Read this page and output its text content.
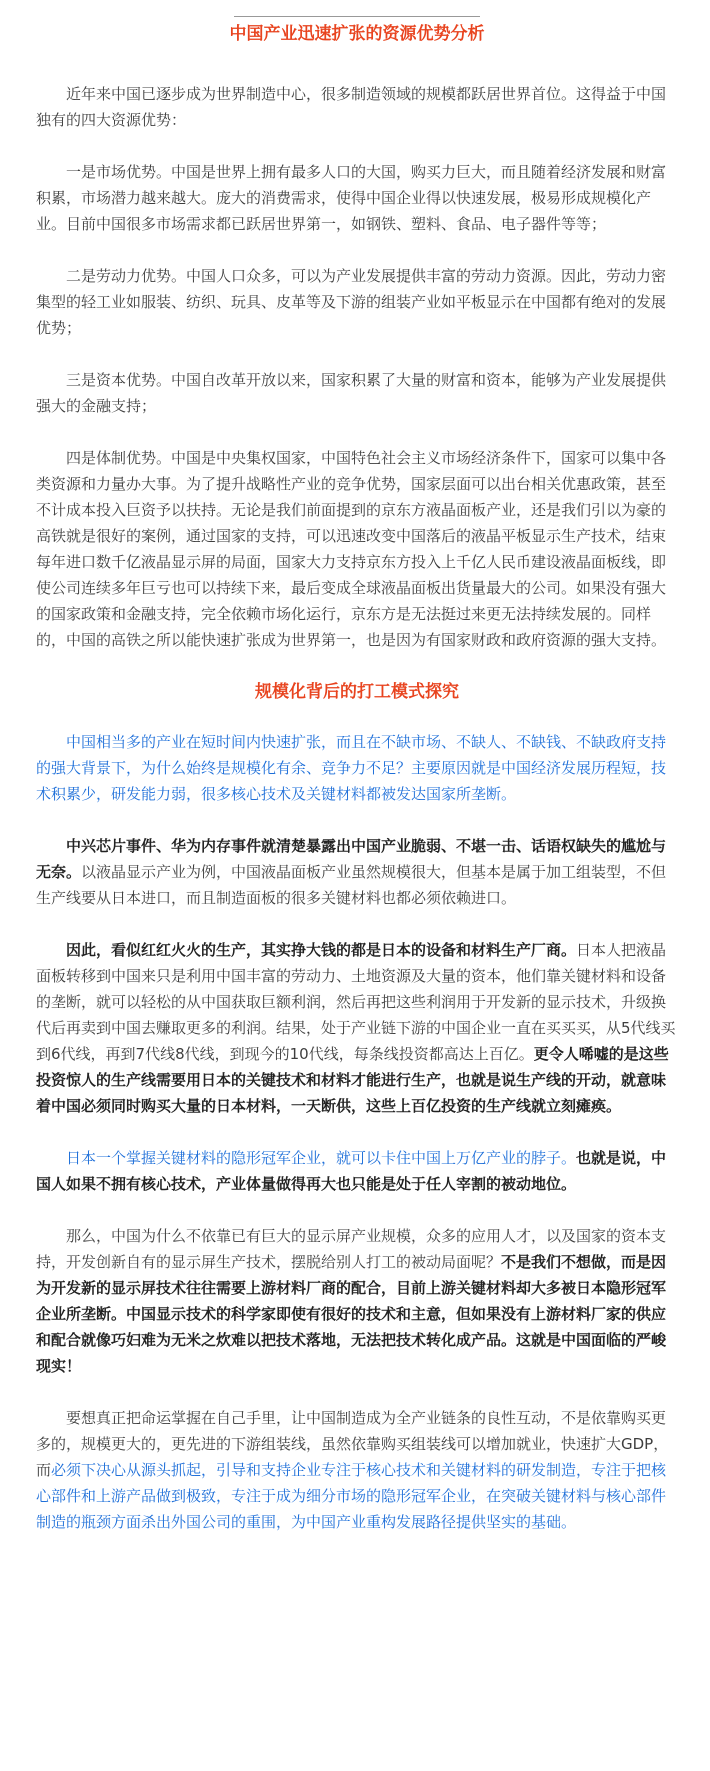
中国产业迅速扩张的资源优势分析

近年来中国已逐步成为世界制造中心，很多制造领域的规模都跃居世界首位。这得益于中国独有的四大资源优势：

一是市场优势。中国是世界上拥有最多人口的大国，购买力巨大，而且随着经济发展和财富积累，市场潜力越来越大。庞大的消费需求，使得中国企业得以快速发展，极易形成规模化产业。目前中国很多市场需求都已跃居世界第一，如钢铁、塑料、食品、电子器件等等；

二是劳动力优势。中国人口众多，可以为产业发展提供丰富的劳动力资源。因此，劳动力密集型的轻工业如服装、纺织、玩具、皮革等及下游的组装产业如平板显示在中国都有绝对的发展优势；

三是资本优势。中国自改革开放以来，国家积累了大量的财富和资本，能够为产业发展提供强大的金融支持；

四是体制优势。中国是中央集权国家，中国特色社会主义市场经济条件下，国家可以集中各类资源和力量办大事。为了提升战略性产业的竞争优势，国家层面可以出台相关优惠政策，甚至不计成本投入巨资予以扶持。无论是我们前面提到的京东方液晶面板产业，还是我们引以为豪的高铁就是很好的案例，通过国家的支持，可以迅速改变中国落后的液晶平板显示生产技术，结束每年进口数千亿液晶显示屏的局面，国家大力支持京东方投入上千亿人民币建设液晶面板线，即使公司连续多年巨亏也可以持续下来，最后变成全球液晶面板出货量最大的公司。如果没有强大的国家政策和金融支持，完全依赖市场化运行，京东方是无法挺过来更无法持续发展的。同样的，中国的高铁之所以能快速扩张成为世界第一，也是因为有国家财政和政府资源的强大支持。

规模化背后的打工模式探究

中国相当多的产业在短时间内快速扩张，而且在不缺市场、不缺人、不缺钱、不缺政府支持的强大背景下，为什么始终是规模化有余、竞争力不足？主要原因就是中国经济发展历程短，技术积累少，研发能力弱，很多核心技术及关键材料都被发达国家所垄断。

中兴芯片事件、华为内存事件就清楚暴露出中国产业脆弱、不堪一击、话语权缺失的尴尬与无奈。以液晶显示产业为例，中国液晶面板产业虽然规模很大，但基本是属于加工组装型，不但生产线要从日本进口，而且制造面板的很多关键材料也都必须依赖进口。

因此，看似红红火火的生产，其实挣大钱的都是日本的设备和材料生产厂商。日本人把液晶面板转移到中国来只是利用中国丰富的劳动力、土地资源及大量的资本，他们靠关键材料和设备的垄断，就可以轻松的从中国获取巨额利润，然后再把这些利润用于开发新的显示技术，升级换代后再卖到中国去赚取更多的利润。结果，处于产业链下游的中国企业一直在买买买，从5代线买到6代线，再到7代线8代线，到现今的10代线，每条线投资都高达上百亿。更令人唏嘘的是这些投资惊人的生产线需要用日本的关键技术和材料才能进行生产，也就是说生产线的开动，就意味着中国必须同时购买大量的日本材料，一天断供，这些上百亿投资的生产线就立刻瘫痪。

日本一个掌握关键材料的隐形冠军企业，就可以卡住中国上万亿产业的脖子。也就是说，中国人如果不拥有核心技术，产业体量做得再大也只能是处于任人宰割的被动地位。

那么，中国为什么不依靠已有巨大的显示屏产业规模，众多的应用人才，以及国家的资本支持，开发创新自有的显示屏生产技术，摆脱给别人打工的被动局面呢？不是我们不想做，而是因为开发新的显示屏技术往往需要上游材料厂商的配合，目前上游关键材料却大多被日本隐形冠军企业所垄断。中国显示技术的科学家即使有很好的技术和主意，但如果没有上游材料厂家的供应和配合就像巧妇难为无米之炊难以把技术落地，无法把技术转化成产品。这就是中国面临的严峻现实！

要想真正把命运掌握在自己手里，让中国制造成为全产业链条的良性互动，不是依靠购买更多的，规模更大的，更先进的下游组装线，虽然依靠购买组装线可以增加就业，快速扩大GDP，而必须下决心从源头抓起，引导和支持企业专注于核心技术和关键材料的研发制造，专注于把核心部件和上游产品做到极致，专注于成为细分市场的隐形冠军企业，在突破关键材料与核心部件制造的瓶颈方面杀出外国公司的重围，为中国产业重构发展路径提供坚实的基础。
